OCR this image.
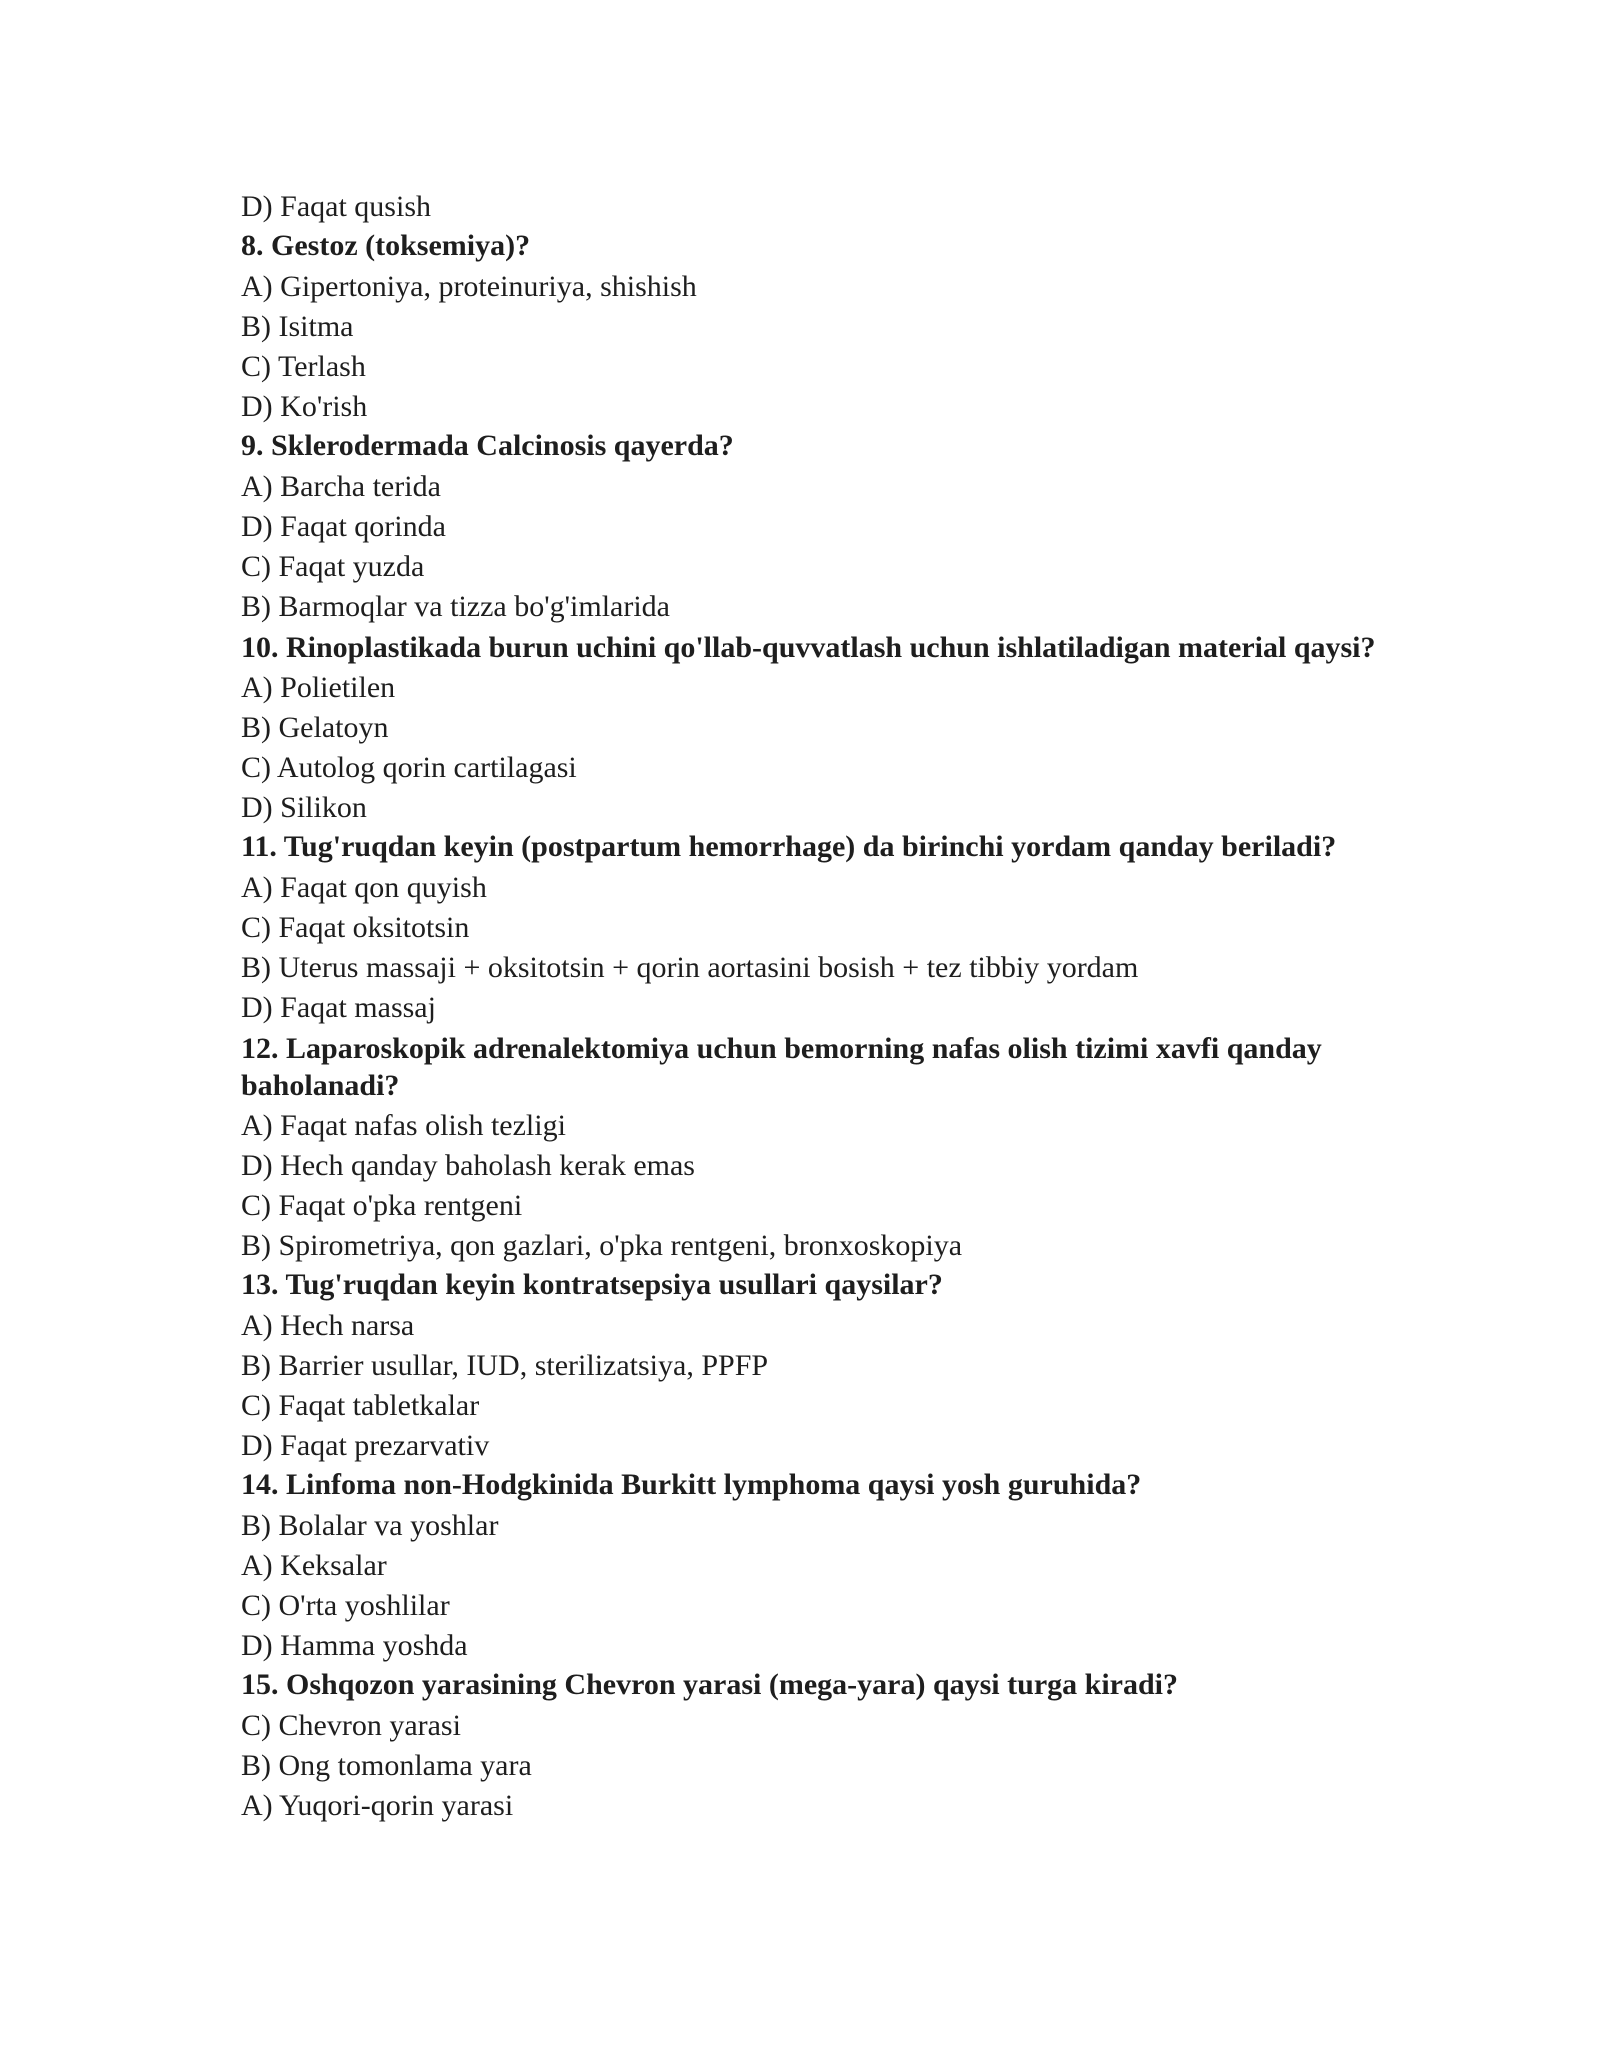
D) Faqat qusish
8. Gestoz (toksemiya)?
A) Gipertoniya, proteinuriya, shishish
B) Isitma
C) Terlash
D) Ko'rish
9. Sklerodermada Calcinosis qayerda?
A) Barcha terida
D) Faqat qorinda
C) Faqat yuzda
B) Barmoqlar va tizza bo'g'imlarida
10. Rinoplastikada burun uchini qo'llab-quvvatlash uchun ishlatiladigan material qaysi?
A) Polietilen
B) Gelatoyn
C) Autolog qorin cartilagasi
D) Silikon
11. Tug'ruqdan keyin (postpartum hemorrhage) da birinchi yordam qanday beriladi?
A) Faqat qon quyish
C) Faqat oksitotsin
B) Uterus massaji + oksitotsin + qorin aortasini bosish + tez tibbiy yordam
D) Faqat massaj
12. Laparoskopik adrenalektomiya uchun bemorning nafas olish tizimi xavfi qanday baholanadi?
A) Faqat nafas olish tezligi
D) Hech qanday baholash kerak emas
C) Faqat o'pka rentgeni
B) Spirometriya, qon gazlari, o'pka rentgeni, bronxoskopiya
13. Tug'ruqdan keyin kontratsepsiya usullari qaysilar?
A) Hech narsa
B) Barrier usullar, IUD, sterilizatsiya, PPFP
C) Faqat tabletkalar
D) Faqat prezarvativ
14. Linfoma non-Hodgkinida Burkitt lymphoma qaysi yosh guruhida?
B) Bolalar va yoshlar
A) Keksalar
C) O'rta yoshlilar
D) Hamma yoshda
15. Oshqozon yarasining Chevron yarasi (mega-yara) qaysi turga kiradi?
C) Chevron yarasi
B) Ong tomonlama yara
A) Yuqori-qorin yarasi
